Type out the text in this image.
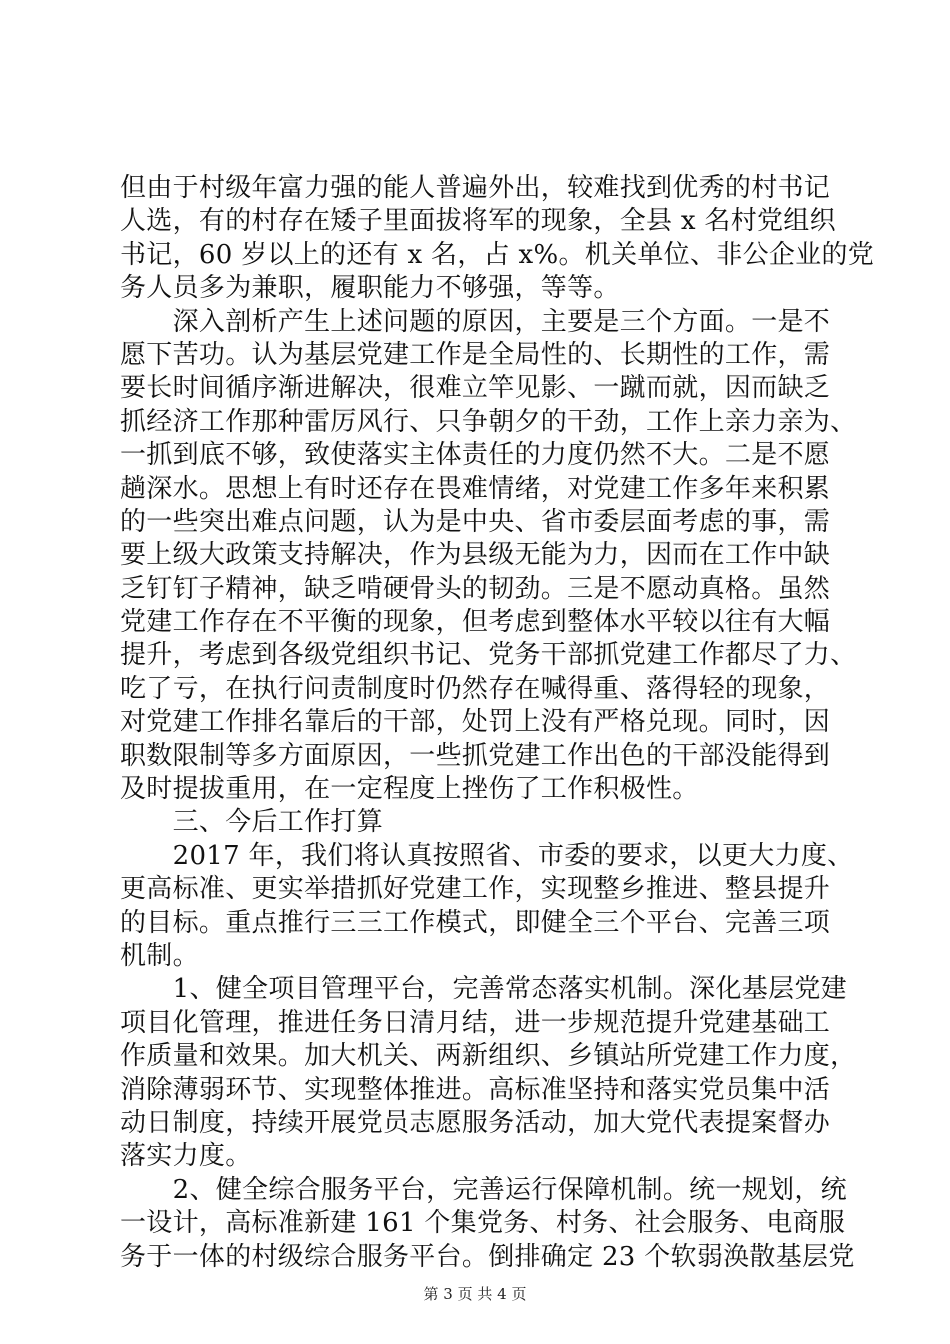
但由于村级年富力强的能人普遍外出，较难找到优秀的村书记
人选，有的村存在矮子里面拔将军的现象，全县 x 名村党组织
书记，60 岁以上的还有 x 名，占 x%。机关单位、非公企业的党
务人员多为兼职，履职能力不够强，等等。
　　深入剖析产生上述问题的原因，主要是三个方面。一是不
愿下苦功。认为基层党建工作是全局性的、长期性的工作，需
要长时间循序渐进解决，很难立竿见影、一蹴而就，因而缺乏
抓经济工作那种雷厉风行、只争朝夕的干劲，工作上亲力亲为、
一抓到底不够，致使落实主体责任的力度仍然不大。二是不愿
趟深水。思想上有时还存在畏难情绪，对党建工作多年来积累
的一些突出难点问题，认为是中央、省市委层面考虑的事，需
要上级大政策支持解决，作为县级无能为力，因而在工作中缺
乏钉钉子精神，缺乏啃硬骨头的韧劲。三是不愿动真格。虽然
党建工作存在不平衡的现象，但考虑到整体水平较以往有大幅
提升，考虑到各级党组织书记、党务干部抓党建工作都尽了力、
吃了亏，在执行问责制度时仍然存在喊得重、落得轻的现象，
对党建工作排名靠后的干部，处罚上没有严格兑现。同时，因
职数限制等多方面原因，一些抓党建工作出色的干部没能得到
及时提拔重用，在一定程度上挫伤了工作积极性。
　　三、今后工作打算
　　2017 年，我们将认真按照省、市委的要求，以更大力度、
更高标准、更实举措抓好党建工作，实现整乡推进、整县提升
的目标。重点推行三三工作模式，即健全三个平台、完善三项
机制。
　　1、健全项目管理平台，完善常态落实机制。深化基层党建
项目化管理，推进任务日清月结，进一步规范提升党建基础工
作质量和效果。加大机关、两新组织、乡镇站所党建工作力度，
消除薄弱环节、实现整体推进。高标准坚持和落实党员集中活
动日制度，持续开展党员志愿服务活动，加大党代表提案督办
落实力度。
　　2、健全综合服务平台，完善运行保障机制。统一规划，统
一设计，高标准新建 161 个集党务、村务、社会服务、电商服
务于一体的村级综合服务平台。倒排确定 23 个软弱涣散基层党
第 3 页 共 4 页
